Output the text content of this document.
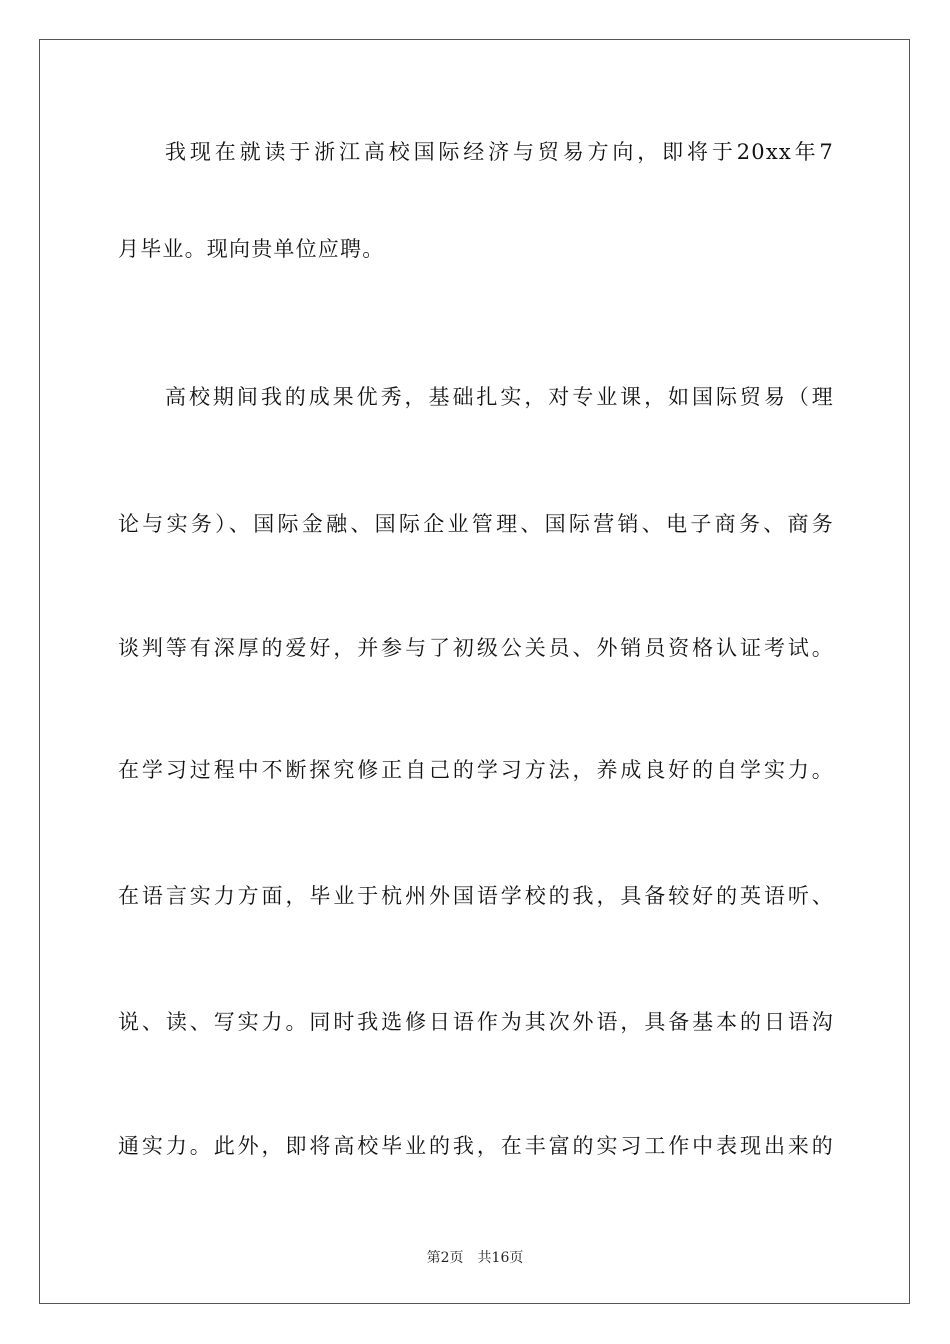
我现在就读于浙江高校国际经济与贸易方向，即将于20xx年7
月毕业。现向贵单位应聘。
高校期间我的成果优秀，基础扎实，对专业课，如国际贸易（理
论与实务）、国际金融、国际企业管理、国际营销、电子商务、商务
谈判等有深厚的爱好，并参与了初级公关员、外销员资格认证考试。
在学习过程中不断探究修正自己的学习方法，养成良好的自学实力。
在语言实力方面，毕业于杭州外国语学校的我，具备较好的英语听、
说、读、写实力。同时我选修日语作为其次外语，具备基本的日语沟
通实力。此外，即将高校毕业的我，在丰富的实习工作中表现出来的
第2页 共16页
